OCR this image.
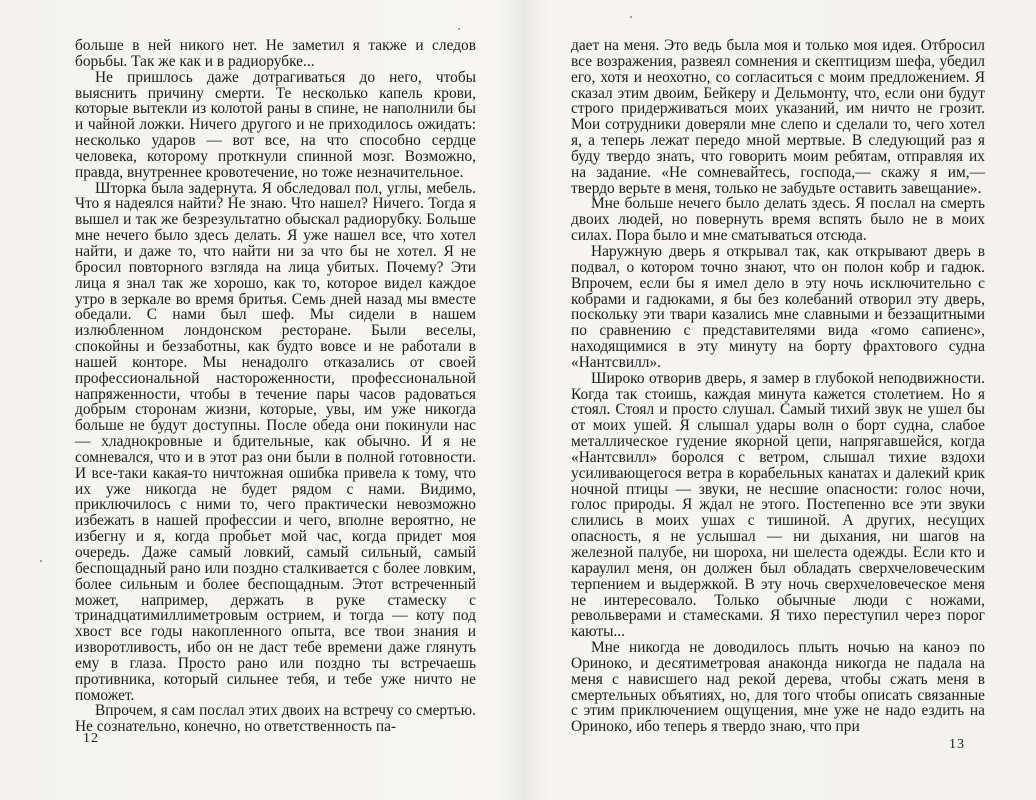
больше в ней никого нет. Не заметил я также и следов борьбы. Так же как и в радиорубке...

Не пришлось даже дотрагиваться до него, чтобы выяснить причину смерти. Те несколько капель крови, которые вытекли из колотой раны в спине, не наполнили бы и чайной ложки. Ничего другого и не приходилось ожидать: несколько ударов — вот все, на что способно сердце человека, которому проткнули спинной мозг. Возможно, правда, внутреннее кровотечение, но тоже незначительное.

Шторка была задернута. Я обследовал пол, углы, мебель. Что я надеялся найти? Не знаю. Что нашел? Ничего. Тогда я вышел и так же безрезультатно обыскал радиорубку. Больше мне нечего было здесь делать. Я уже нашел все, что хотел найти, и даже то, что найти ни за что бы не хотел. Я не бросил повторного взгляда на лица убитых. Почему? Эти лица я знал так же хорошо, как то, которое видел каждое утро в зеркале во время бритья. Семь дней назад мы вместе обедали. С нами был шеф. Мы сидели в нашем излюбленном лондонском ресторане. Были веселы, спокойны и беззаботны, как будто вовсе и не работали в нашей конторе. Мы ненадолго отказались от своей профессиональной настороженности, профессиональной напряженности, чтобы в течение пары часов радоваться добрым сторонам жизни, которые, увы, им уже никогда больше не будут доступны. После обеда они покинули нас — хладнокровные и бдительные, как обычно. И я не сомневался, что и в этот раз они были в полной готовности. И все-таки какая-то ничтожная ошибка привела к тому, что их уже никогда не будет рядом с нами. Видимо, приключилось с ними то, чего практически невозможно избежать в нашей профессии и чего, вполне вероятно, не избегну и я, когда пробьет мой час, когда придет моя очередь. Даже самый ловкий, самый сильный, самый беспощадный рано или поздно сталкивается с более ловким, более сильным и более беспощадным. Этот встреченный может, например, держать в руке стамеску с тринадцатимиллиметровым острием, и тогда — коту под хвост все годы накопленного опыта, все твои знания и изворотливость, ибо он не даст тебе времени даже глянуть ему в глаза. Просто рано или поздно ты встречаешь противника, который сильнее тебя, и тебе уже ничто не поможет.

Впрочем, я сам послал этих двоих на встречу со смертью. Не сознательно, конечно, но ответственность па-

12

дает на меня. Это ведь была моя и только моя идея. Отбросил все возражения, развеял сомнения и скептицизм шефа, убедил его, хотя и неохотно, со согласиться с моим предложением. Я сказал этим двоим, Бейкеру и Дельмонту, что, если они будут строго придерживаться моих указаний, им ничто не грозит. Мои сотрудники доверяли мне слепо и сделали то, чего хотел я, а теперь лежат передо мной мертвые. В следующий раз я буду твердо знать, что говорить моим ребятам, отправляя их на задание. «Не сомневайтесь, господа,— скажу я им,— твердо верьте в меня, только не забудьте оставить завещание».

Мне больше нечего было делать здесь. Я послал на смерть двоих людей, но повернуть время вспять было не в моих силах. Пора было и мне сматываться отсюда.

Наружную дверь я открывал так, как открывают дверь в подвал, о котором точно знают, что он полон кобр и гадюк. Впрочем, если бы я имел дело в эту ночь исключительно с кобрами и гадюками, я бы без колебаний отворил эту дверь, поскольку эти твари казались мне славными и беззащитными по сравнению с представителями вида «гомо сапиенс», находящимися в эту минуту на борту фрахтового судна «Нантсвилл».

Широко отворив дверь, я замер в глубокой неподвижности. Когда так стоишь, каждая минута кажется столетием. Но я стоял. Стоял и просто слушал. Самый тихий звук не ушел бы от моих ушей. Я слышал удары волн о борт судна, слабое металлическое гудение якорной цепи, напрягавшейся, когда «Нантсвилл» боролся с ветром, слышал тихие вздохи усиливающегося ветра в корабельных канатах и далекий крик ночной птицы — звуки, не несшие опасности: голос ночи, голос природы. Я ждал не этого. Постепенно все эти звуки слились в моих ушах с тишиной. А других, несущих опасность, я не услышал — ни дыхания, ни шагов на железной палубе, ни шороха, ни шелеста одежды. Если кто и караулил меня, он должен был обладать сверхчеловеческим терпением и выдержкой. В эту ночь сверхчеловеческое меня не интересовало. Только обычные люди с ножами, револьверами и стамесками. Я тихо переступил через порог каюты...

Мне никогда не доводилось плыть ночью на каноэ по Ориноко, и десятиметровая анаконда никогда не падала на меня с нависшего над рекой дерева, чтобы сжать меня в смертельных объятиях, но, для того чтобы описать связанные с этим приключением ощущения, мне уже не надо ездить на Ориноко, ибо теперь я твердо знаю, что при

13
